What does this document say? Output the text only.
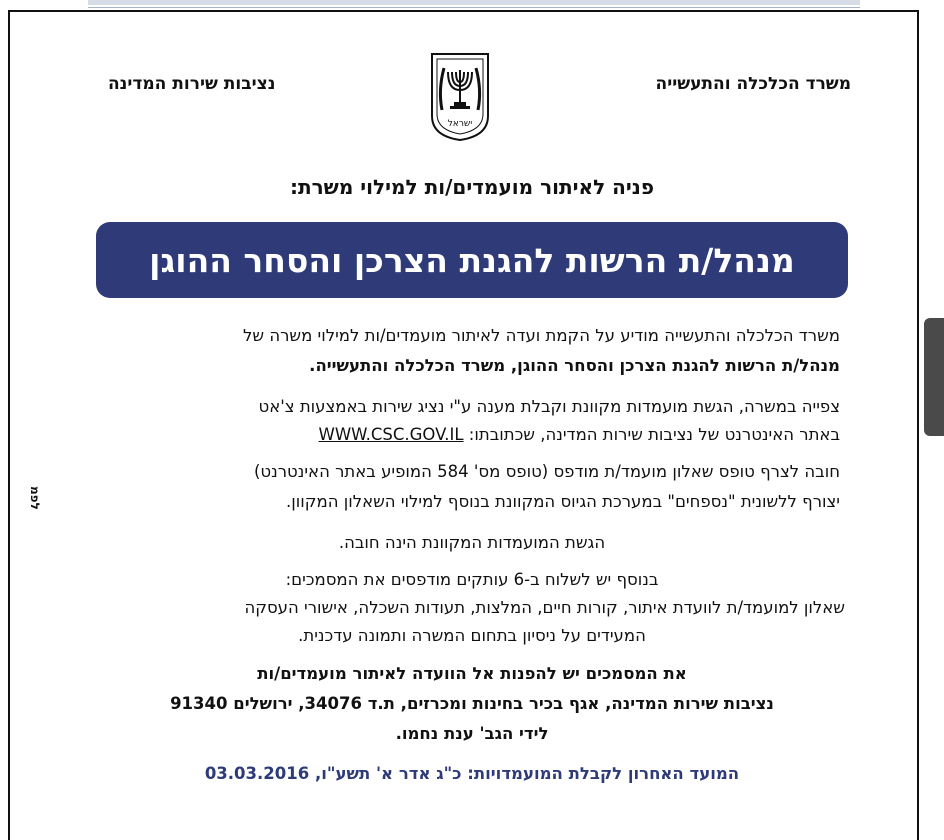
משרד הכלכלה והתעשייה
נציבות שירות המדינה
ישראל
פניה לאיתור מועמדים/ות למילוי משרת:
מנהל/ת הרשות להגנת הצרכן והסחר ההוגן
משרד הכלכלה והתעשייה מודיע על הקמת ועדה לאיתור מועמדים/ות למילוי משרה של
מנהל/ת הרשות להגנת הצרכן והסחר ההוגן, משרד הכלכלה והתעשייה.
צפייה במשרה, הגשת מועמדות מקוונת וקבלת מענה ע"י נציג שירות באמצעות צ'אט
באתר האינטרנט של נציבות שירות המדינה, שכתובתו: WWW.CSC.GOV.IL
חובה לצרף טופס שאלון מועמד/ת מודפס (טופס מס' 584 המופיע באתר האינטרנט)
יצורף ללשונית "נספחים" במערכת הגיוס המקוונת בנוסף למילוי השאלון המקוון.
הגשת המועמדות המקוונת הינה חובה.
בנוסף יש לשלוח ב-6 עותקים מודפסים את המסמכים:
שאלון למועמד/ת לוועדת איתור, קורות חיים, המלצות, תעודות השכלה, אישורי העסקה
המעידים על ניסיון בתחום המשרה ותמונה עדכנית.
את המסמכים יש להפנות אל הוועדה לאיתור מועמדים/ות
נציבות שירות המדינה, אגף בכיר בחינות ומכרזים, ת.ד 34076, ירושלים 91340
לידי הגב' ענת נחמו.
המועד האחרון לקבלת המועמדויות: כ"ג אדר א' תשע"ו, 03.03.2016
לפמ
